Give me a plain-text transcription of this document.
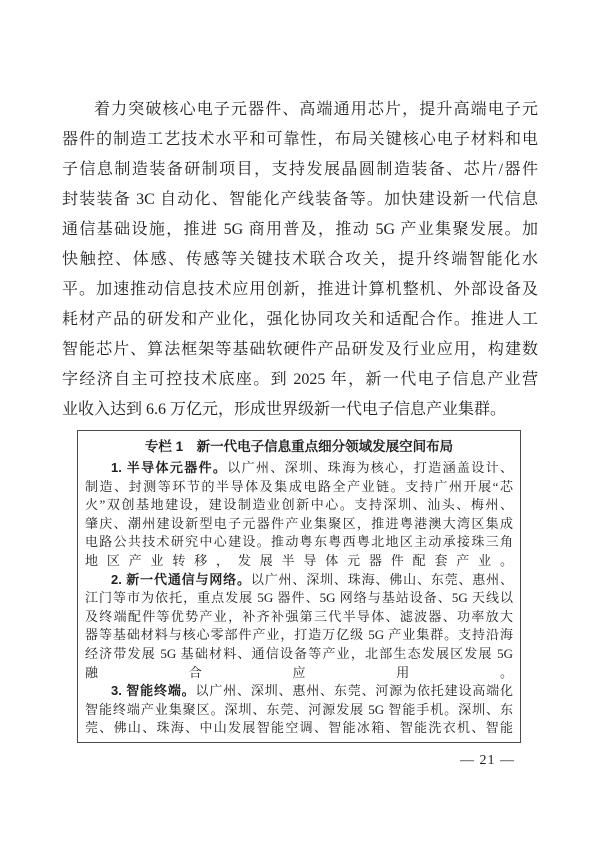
着力突破核心电子元器件、高端通用芯片，提升高端电子元
器件的制造工艺技术水平和可靠性，布局关键核心电子材料和电
子信息制造装备研制项目，支持发展晶圆制造装备、芯片/器件
封装装备 3C 自动化、智能化产线装备等。加快建设新一代信息
通信基础设施，推进 5G 商用普及，推动 5G 产业集聚发展。加
快触控、体感、传感等关键技术联合攻关，提升终端智能化水
平。加速推动信息技术应用创新，推进计算机整机、外部设备及
耗材产品的研发和产业化，强化协同攻关和适配合作。推进人工
智能芯片、算法框架等基础软硬件产品研发及行业应用，构建数
字经济自主可控技术底座。到 2025 年，新一代电子信息产业营
业收入达到 6.6 万亿元，形成世界级新一代电子信息产业集群。
专栏 1　新一代电子信息重点细分领域发展空间布局
1. 半导体元器件。以广州、深圳、珠海为核心，打造涵盖设计、
制造、封测等环节的半导体及集成电路全产业链。支持广州开展“芯
火”双创基地建设，建设制造业创新中心。支持深圳、汕头、梅州、
肇庆、潮州建设新型电子元器件产业集聚区，推进粤港澳大湾区集成
电路公共技术研究中心建设。推动粤东粤西粤北地区主动承接珠三角
地区产业转移，发展半导体元器件配套产业。
2. 新一代通信与网络。以广州、深圳、珠海、佛山、东莞、惠州、
江门等市为依托，重点发展 5G 器件、5G 网络与基站设备、5G 天线以
及终端配件等优势产业，补齐补强第三代半导体、滤波器、功率放大
器等基础材料与核心零部件产业，打造万亿级 5G 产业集群。支持沿海
经济带发展 5G 基础材料、通信设备等产业，北部生态发展区发展 5G
融合应用。
3. 智能终端。以广州、深圳、惠州、东莞、河源为依托建设高端化
智能终端产业集聚区。深圳、东莞、河源发展 5G 智能手机。深圳、东
莞、佛山、珠海、中山发展智能空调、智能冰箱、智能洗衣机、智能
— 21 —
